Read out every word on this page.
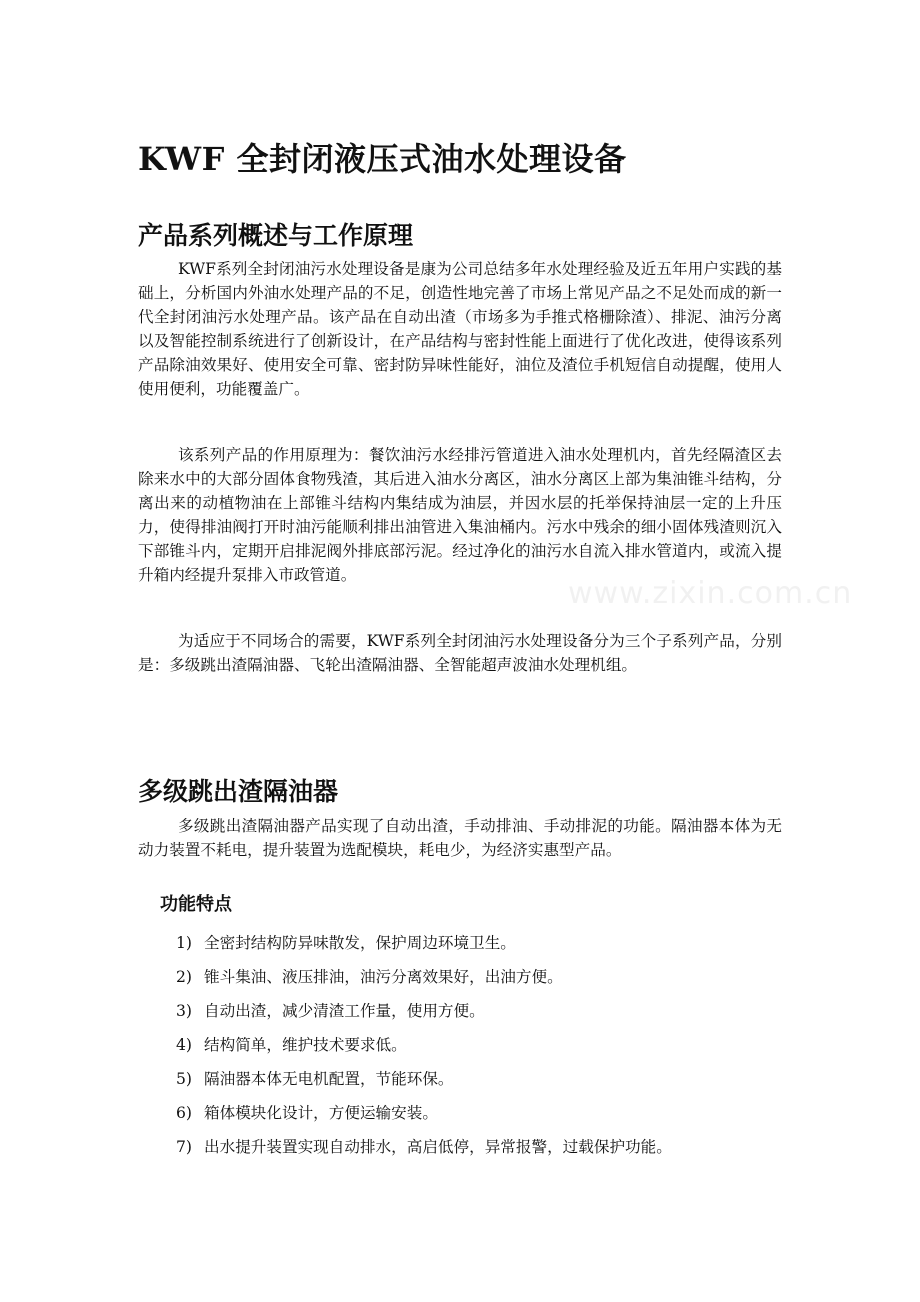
KWF 全封闭液压式油水处理设备
产品系列概述与工作原理

KWF系列全封闭油污水处理设备是康为公司总结多年水处理经验及近五年用户实践的基础上，分析国内外油水处理产品的不足，创造性地完善了市场上常见产品之不足处而成的新一代全封闭油污水处理产品。该产品在自动出渣（市场多为手推式格栅除渣）、排泥、油污分离以及智能控制系统进行了创新设计，在产品结构与密封性能上面进行了优化改进，使得该系列产品除油效果好、使用安全可靠、密封防异味性能好，油位及渣位手机短信自动提醒，使用人使用便利，功能覆盖广。

该系列产品的作用原理为：餐饮油污水经排污管道进入油水处理机内，首先经隔渣区去除来水中的大部分固体食物残渣，其后进入油水分离区，油水分离区上部为集油锥斗结构，分离出来的动植物油在上部锥斗结构内集结成为油层，并因水层的托举保持油层一定的上升压力，使得排油阀打开时油污能顺利排出油管进入集油桶内。污水中残余的细小固体残渣则沉入下部锥斗内，定期开启排泥阀外排底部污泥。经过净化的油污水自流入排水管道内，或流入提升箱内经提升泵排入市政管道。

为适应于不同场合的需要，KWF系列全封闭油污水处理设备分为三个子系列产品，分别是：多级跳出渣隔油器、飞轮出渣隔油器、全智能超声波油水处理机组。

多级跳出渣隔油器

多级跳出渣隔油器产品实现了自动出渣，手动排油、手动排泥的功能。隔油器本体为无动力装置不耗电，提升装置为选配模块，耗电少，为经济实惠型产品。

功能特点
1) 全密封结构防异味散发，保护周边环境卫生。
2) 锥斗集油、液压排油，油污分离效果好，出油方便。
3) 自动出渣，减少清渣工作量，使用方便。
4) 结构简单，维护技术要求低。
5) 隔油器本体无电机配置，节能环保。
6) 箱体模块化设计，方便运输安装。
7) 出水提升装置实现自动排水，高启低停，异常报警，过载保护功能。
www.zixin.com.cn
